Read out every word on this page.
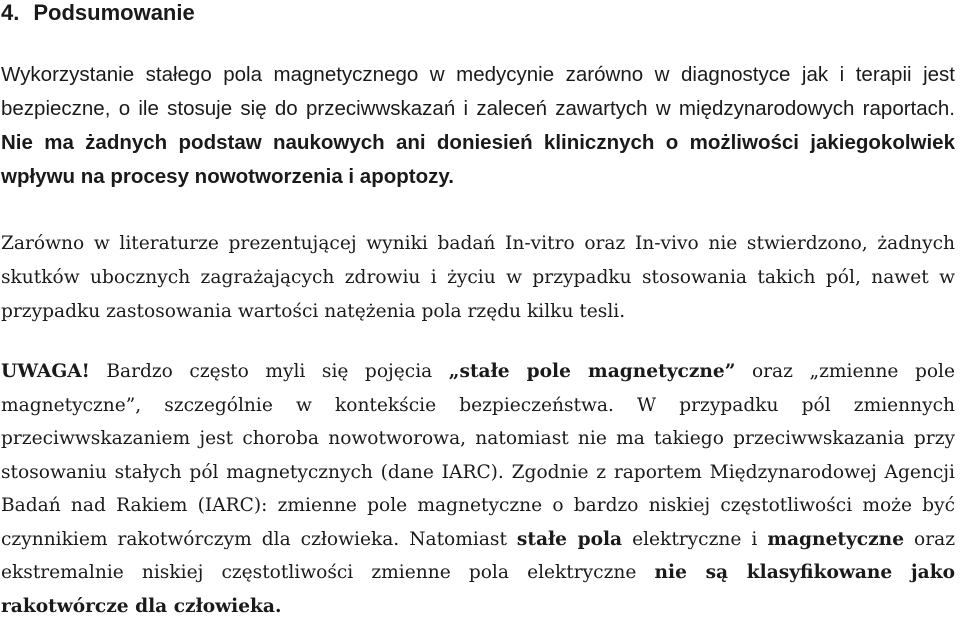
4. Podsumowanie

Wykorzystanie stałego pola magnetycznego w medycynie zarówno w diagnostyce jak i terapii jest bezpieczne, o ile stosuje się do przeciwwskazań i zaleceń zawartych w międzynarodowych raportach. Nie ma żadnych podstaw naukowych ani doniesień klinicznych o możliwości jakiegokolwiek wpływu na procesy nowotworzenia i apoptozy.

Zarówno w literaturze prezentującej wyniki badań In-vitro oraz In-vivo nie stwierdzono, żadnych skutków ubocznych zagrażających zdrowiu i życiu w przypadku stosowania takich pól, nawet w przypadku zastosowania wartości natężenia pola rzędu kilku tesli.

UWAGA! Bardzo często myli się pojęcia „stałe pole magnetyczne” oraz „zmienne pole magnetyczne”, szczególnie w kontekście bezpieczeństwa. W przypadku pól zmiennych przeciwwskazaniem jest choroba nowotworowa, natomiast nie ma takiego przeciwwskazania przy stosowaniu stałych pól magnetycznych (dane IARC). Zgodnie z raportem Międzynarodowej Agencji Badań nad Rakiem (IARC): zmienne pole magnetyczne o bardzo niskiej częstotliwości może być czynnikiem rakotwórczym dla człowieka. Natomiast stałe pola elektryczne i magnetyczne oraz ekstremalnie niskiej częstotliwości zmienne pola elektryczne nie są klasyfikowane jako rakotwórcze dla człowieka.
